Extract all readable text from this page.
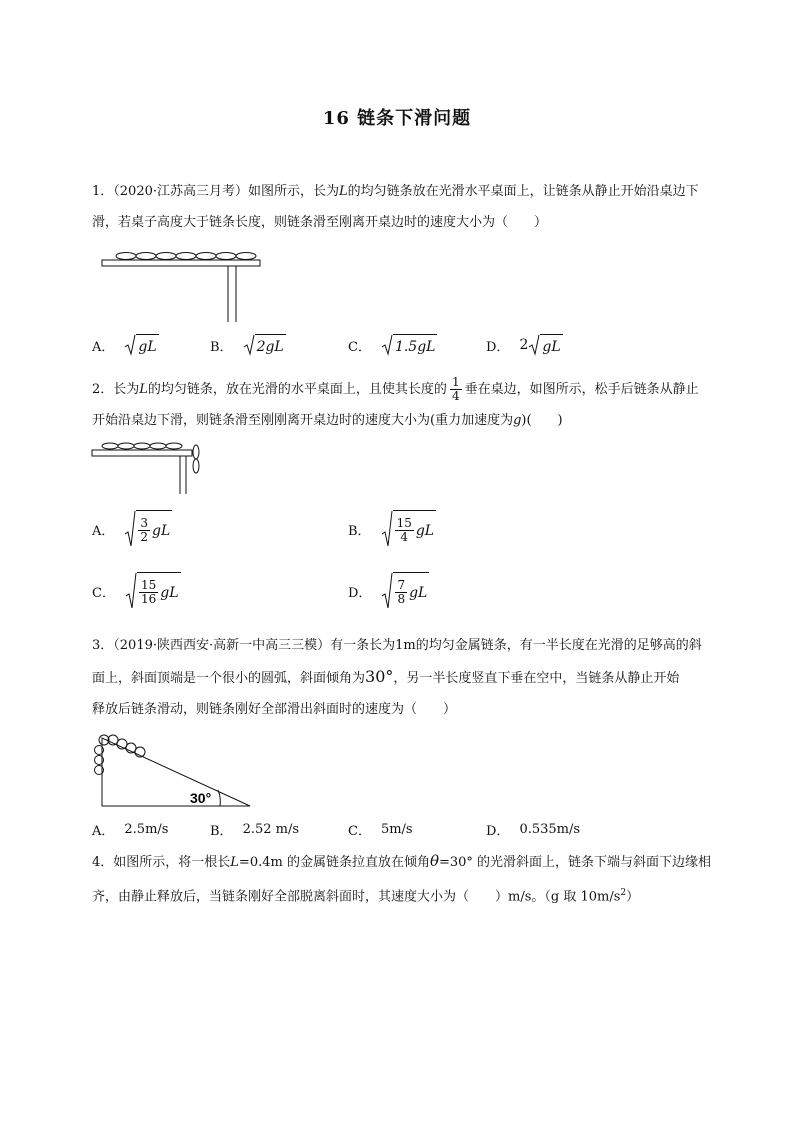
16 链条下滑问题
1．（2020·江苏高三月考）如图所示，长为L的均匀链条放在光滑水平桌面上，让链条从静止开始沿桌边下
滑，若桌子高度大于链条长度，则链条滑至刚离开桌边时的速度大小为（　　）
A． gL	B． 2gL	C． 1.5gL	D． 2 gL
2．长为L的均匀链条，放在光滑的水平桌面上，且使其长度的 $\frac{1}{4}$ 垂在桌边，如图所示，松手后链条从静止
开始沿桌边下滑，则链条滑至刚刚离开桌边时的速度大小为(重力加速度为g)(　　)
A． $\frac{3}{2}$ gL	B． $\frac{15}{4}$ gL
C． $\frac{15}{16}$ gL	D． $\frac{7}{8}$ gL
3．（2019·陕西西安·高新一中高三三模）有一条长为1m的均匀金属链条，有一半长度在光滑的足够高的斜
面上，斜面顶端是一个很小的圆弧，斜面倾角为30°，另一半长度竖直下垂在空中，当链条从静止开始
释放后链条滑动，则链条刚好全部滑出斜面时的速度为（　　）
30°
A． 2.5m/s	B． 2.52 m/s	C． 5m/s	D． 0.535m/s
4．如图所示，将一根长L=0.4m 的金属链条拉直放在倾角θ=30° 的光滑斜面上，链条下端与斜面下边缘相
齐，由静止释放后，当链条刚好全部脱离斜面时，其速度大小为（　　）m/s。（g 取 $10m/s^2$）
